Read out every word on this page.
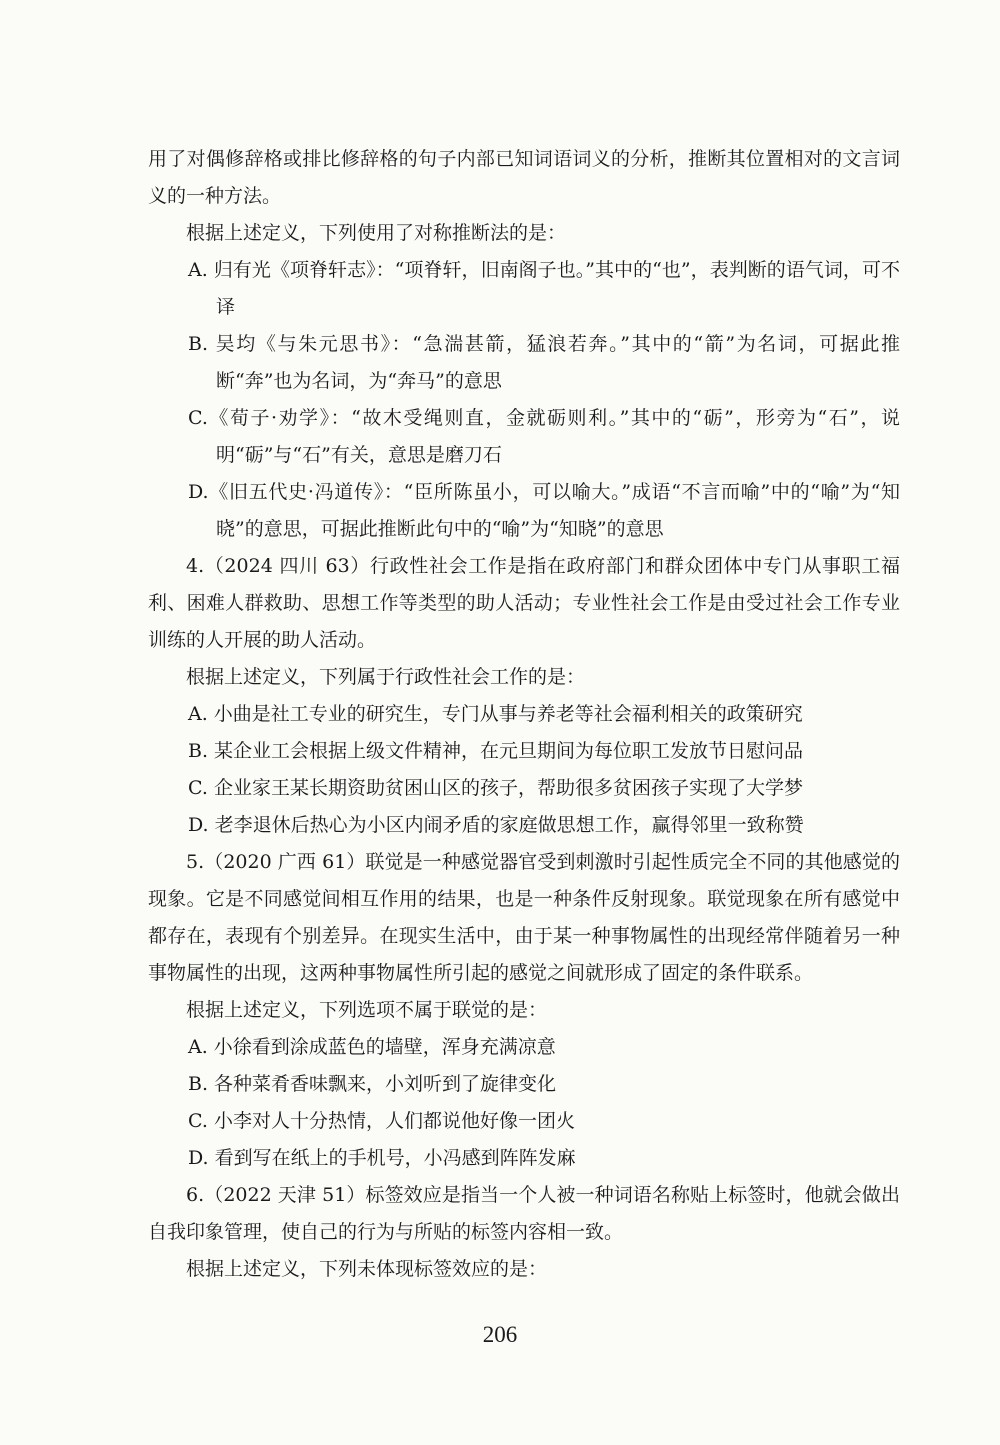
用了对偶修辞格或排比修辞格的句子内部已知词语词义的分析，推断其位置相对的文言词义的一种方法。

根据上述定义，下列使用了对称推断法的是：

A. 归有光《项脊轩志》：“项脊轩，旧南阁子也。”其中的“也”，表判断的语气词，可不译

B. 吴均《与朱元思书》：“急湍甚箭，猛浪若奔。”其中的“箭”为名词，可据此推断“奔”也为名词，为“奔马”的意思

C.《荀子·劝学》：“故木受绳则直，金就砺则利。”其中的“砺”，形旁为“石”，说明“砺”与“石”有关，意思是磨刀石

D.《旧五代史·冯道传》：“臣所陈虽小，可以喻大。”成语“不言而喻”中的“喻”为“知晓”的意思，可据此推断此句中的“喻”为“知晓”的意思

4.（2024 四川 63）行政性社会工作是指在政府部门和群众团体中专门从事职工福利、困难人群救助、思想工作等类型的助人活动；专业性社会工作是由受过社会工作专业训练的人开展的助人活动。

根据上述定义，下列属于行政性社会工作的是：

A. 小曲是社工专业的研究生，专门从事与养老等社会福利相关的政策研究

B. 某企业工会根据上级文件精神，在元旦期间为每位职工发放节日慰问品

C. 企业家王某长期资助贫困山区的孩子，帮助很多贫困孩子实现了大学梦

D. 老李退休后热心为小区内闹矛盾的家庭做思想工作，赢得邻里一致称赞

5.（2020 广西 61）联觉是一种感觉器官受到刺激时引起性质完全不同的其他感觉的现象。它是不同感觉间相互作用的结果，也是一种条件反射现象。联觉现象在所有感觉中都存在，表现有个别差异。在现实生活中，由于某一种事物属性的出现经常伴随着另一种事物属性的出现，这两种事物属性所引起的感觉之间就形成了固定的条件联系。

根据上述定义，下列选项不属于联觉的是：

A. 小徐看到涂成蓝色的墙壁，浑身充满凉意

B. 各种菜肴香味飘来，小刘听到了旋律变化

C. 小李对人十分热情，人们都说他好像一团火

D. 看到写在纸上的手机号，小冯感到阵阵发麻

6.（2022 天津 51）标签效应是指当一个人被一种词语名称贴上标签时，他就会做出自我印象管理，使自己的行为与所贴的标签内容相一致。

根据上述定义，下列未体现标签效应的是：

206
